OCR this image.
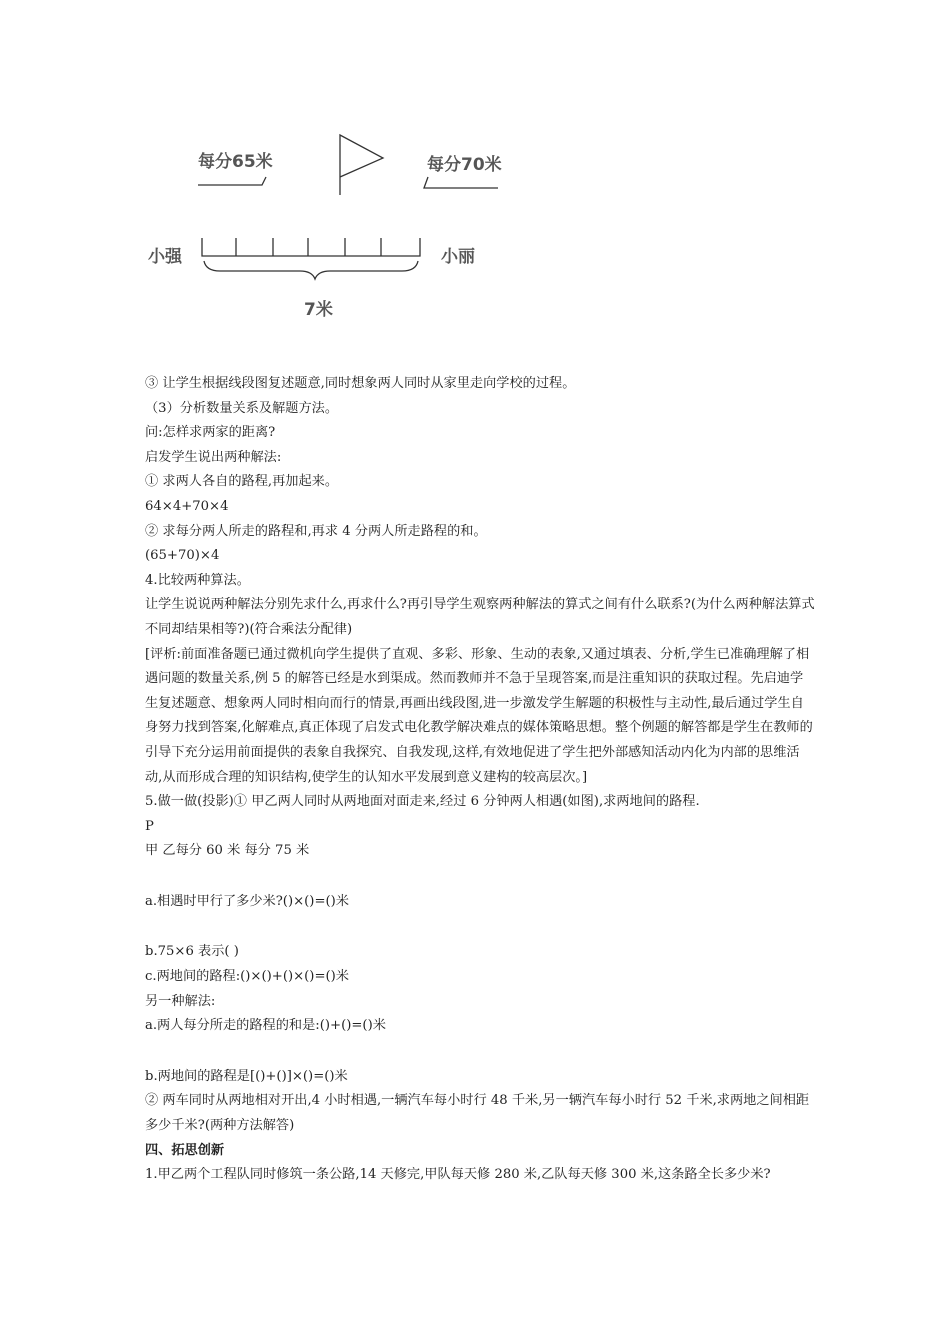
每分65米	每分70米
小强	小丽
7米

③ 让学生根据线段图复述题意,同时想象两人同时从家里走向学校的过程。

（3）分析数量关系及解题方法。

问:怎样求两家的距离?

启发学生说出两种解法:

① 求两人各自的路程,再加起来。

64×4+70×4

② 求每分两人所走的路程和,再求 4 分两人所走路程的和。

(65+70)×4

4.比较两种算法。

让学生说说两种解法分别先求什么,再求什么?再引导学生观察两种解法的算式之间有什么联系?(为什么两种解法算式不同却结果相等?)(符合乘法分配律)

[评析:前面准备题已通过微机向学生提供了直观、多彩、形象、生动的表象,又通过填表、分析,学生已准确理解了相遇问题的数量关系,例 5 的解答已经是水到渠成。然而教师并不急于呈现答案,而是注重知识的获取过程。先启迪学生复述题意、想象两人同时相向而行的情景,再画出线段图,进一步激发学生解题的积极性与主动性,最后通过学生自身努力找到答案,化解难点,真正体现了启发式电化教学解决难点的媒体策略思想。整个例题的解答都是学生在教师的引导下充分运用前面提供的表象自我探究、自我发现,这样,有效地促进了学生把外部感知活动内化为内部的思维活动,从而形成合理的知识结构,使学生的认知水平发展到意义建构的较高层次。]

5.做一做(投影)① 甲乙两人同时从两地面对面走来,经过 6 分钟两人相遇(如图),求两地间的路程.

P

甲 乙每分 60 米 每分 75 米

a.相遇时甲行了多少米?()×()=()米

b.75×6 表示( )

c.两地间的路程:()×()+()×()=()米

另一种解法:

a.两人每分所走的路程的和是:()+()=()米

b.两地间的路程是[()+()]×()=()米

② 两车同时从两地相对开出,4 小时相遇,一辆汽车每小时行 48 千米,另一辆汽车每小时行 52 千米,求两地之间相距多少千米?(两种方法解答)

四、拓思创新

1.甲乙两个工程队同时修筑一条公路,14 天修完,甲队每天修 280 米,乙队每天修 300 米,这条路全长多少米?
